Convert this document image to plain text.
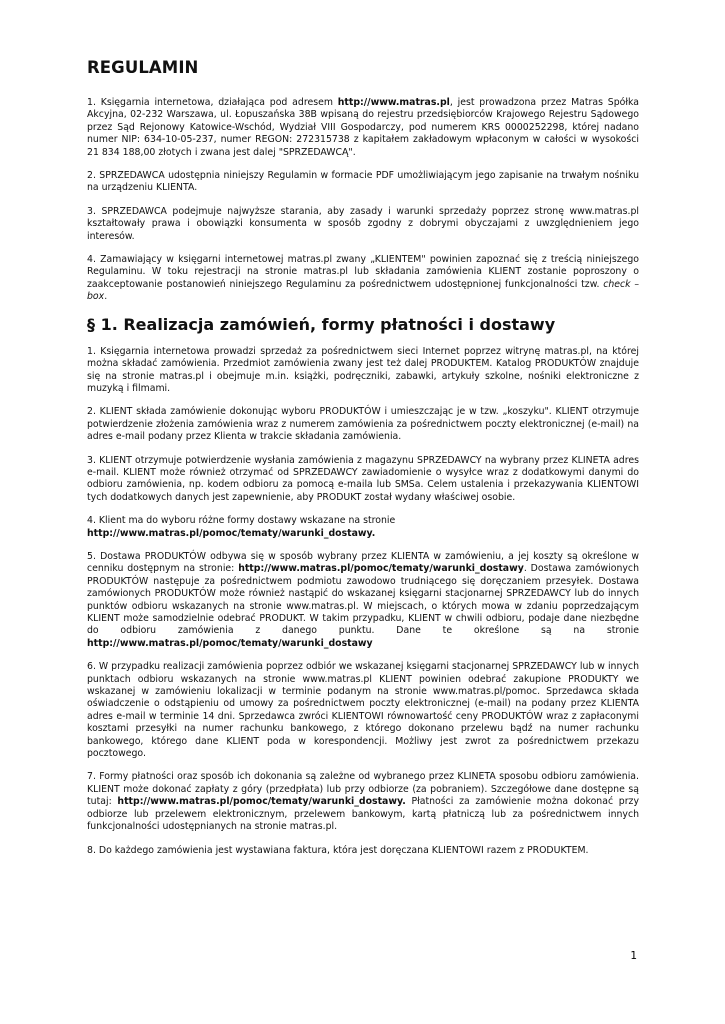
REGULAMIN

1. Księgarnia internetowa, działająca pod adresem http://www.matras.pl, jest prowadzona przez Matras Spółka Akcyjna, 02-232 Warszawa, ul. Łopuszańska 38B wpisaną do rejestru przedsiębiorców Krajowego Rejestru Sądowego przez Sąd Rejonowy Katowice-Wschód, Wydział VIII Gospodarczy, pod numerem KRS 0000252298, której nadano numer NIP: 634-10-05-237, numer REGON: 272315738 z kapitałem zakładowym wpłaconym w całości w wysokości 21 834 188,00 złotych i zwana jest dalej "SPRZEDAWCĄ".

2. SPRZEDAWCA udostępnia niniejszy Regulamin w formacie PDF umożliwiającym jego zapisanie na trwałym nośniku na urządzeniu KLIENTA.

3. SPRZEDAWCA podejmuje najwyższe starania, aby zasady i warunki sprzedaży poprzez stronę www.matras.pl kształtowały prawa i obowiązki konsumenta w sposób zgodny z dobrymi obyczajami z uwzględnieniem jego interesów.

4. Zamawiający w księgarni internetowej matras.pl zwany „KLIENTEM" powinien zapoznać się z treścią niniejszego Regulaminu. W toku rejestracji na stronie matras.pl lub składania zamówienia KLIENT zostanie poproszony o zaakceptowanie postanowień niniejszego Regulaminu za pośrednictwem udostępnionej funkcjonalności tzw. check – box.

§ 1. Realizacja zamówień, formy płatności i dostawy

1. Księgarnia internetowa prowadzi sprzedaż za pośrednictwem sieci Internet poprzez witrynę matras.pl, na której można składać zamówienia. Przedmiot zamówienia zwany jest też dalej PRODUKTEM. Katalog PRODUKTÓW znajduje się na stronie matras.pl i obejmuje m.in. książki, podręczniki, zabawki, artykuły szkolne, nośniki elektroniczne z muzyką i filmami.

2. KLIENT składa zamówienie dokonując wyboru PRODUKTÓW i umieszczając je w tzw. „koszyku". KLIENT otrzymuje potwierdzenie złożenia zamówienia wraz z numerem zamówienia za pośrednictwem poczty elektronicznej (e-mail) na adres e-mail podany przez Klienta w trakcie składania zamówienia.

3. KLIENT otrzymuje potwierdzenie wysłania zamówienia z magazynu SPRZEDAWCY na wybrany przez KLINETA adres e-mail. KLIENT może również otrzymać od SPRZEDAWCY zawiadomienie o wysyłce wraz z dodatkowymi danymi do odbioru zamówienia, np. kodem odbioru za pomocą e-maila lub SMSa. Celem ustalenia i przekazywania KLIENTOWI tych dodatkowych danych jest zapewnienie, aby PRODUKT został wydany właściwej osobie.

4. Klient ma do wyboru różne formy dostawy wskazane na stronie

http://www.matras.pl/pomoc/tematy/warunki_dostawy.

5. Dostawa PRODUKTÓW odbywa się w sposób wybrany przez KLIENTA w zamówieniu, a jej koszty są określone w cenniku dostępnym na stronie: http://www.matras.pl/pomoc/tematy/warunki_dostawy. Dostawa zamówionych PRODUKTÓW następuje za pośrednictwem podmiotu zawodowo trudniącego się doręczaniem przesyłek. Dostawa zamówionych PRODUKTÓW może również nastąpić do wskazanej księgarni stacjonarnej SPRZEDAWCY lub do innych punktów odbioru wskazanych na stronie www.matras.pl. W miejscach, o których mowa w zdaniu poprzedzającym KLIENT może samodzielnie odebrać PRODUKT. W takim przypadku, KLIENT w chwili odbioru, podaje dane niezbędne do odbioru zamówienia z danego punktu. Dane te określone są na stronie http://www.matras.pl/pomoc/tematy/warunki_dostawy

6. W przypadku realizacji zamówienia poprzez odbiór we wskazanej księgarni stacjonarnej SPRZEDAWCY lub w innych punktach odbioru wskazanych na stronie www.matras.pl KLIENT powinien odebrać zakupione PRODUKTY we wskazanej w zamówieniu lokalizacji w terminie podanym na stronie www.matras.pl/pomoc. Sprzedawca składa oświadczenie o odstąpieniu od umowy za pośrednictwem poczty elektronicznej (e-mail) na podany przez KLIENTA adres e-mail w terminie 14 dni. Sprzedawca zwróci KLIENTOWI równowartość ceny PRODUKTÓW wraz z zapłaconymi kosztami przesyłki na numer rachunku bankowego, z którego dokonano przelewu bądź na numer rachunku bankowego, którego dane KLIENT poda w korespondencji. Możliwy jest zwrot za pośrednictwem przekazu pocztowego.

7. Formy płatności oraz sposób ich dokonania są zależne od wybranego przez KLINETA sposobu odbioru zamówienia. KLIENT może dokonać zapłaty z góry (przedpłata) lub przy odbiorze (za pobraniem). Szczegółowe dane dostępne są tutaj: http://www.matras.pl/pomoc/tematy/warunki_dostawy. Płatności za zamówienie można dokonać przy odbiorze lub przelewem elektronicznym, przelewem bankowym, kartą płatniczą lub za pośrednictwem innych funkcjonalności udostępnianych na stronie matras.pl.

8. Do każdego zamówienia jest wystawiana faktura, która jest doręczana KLIENTOWI razem z PRODUKTEM.

1
